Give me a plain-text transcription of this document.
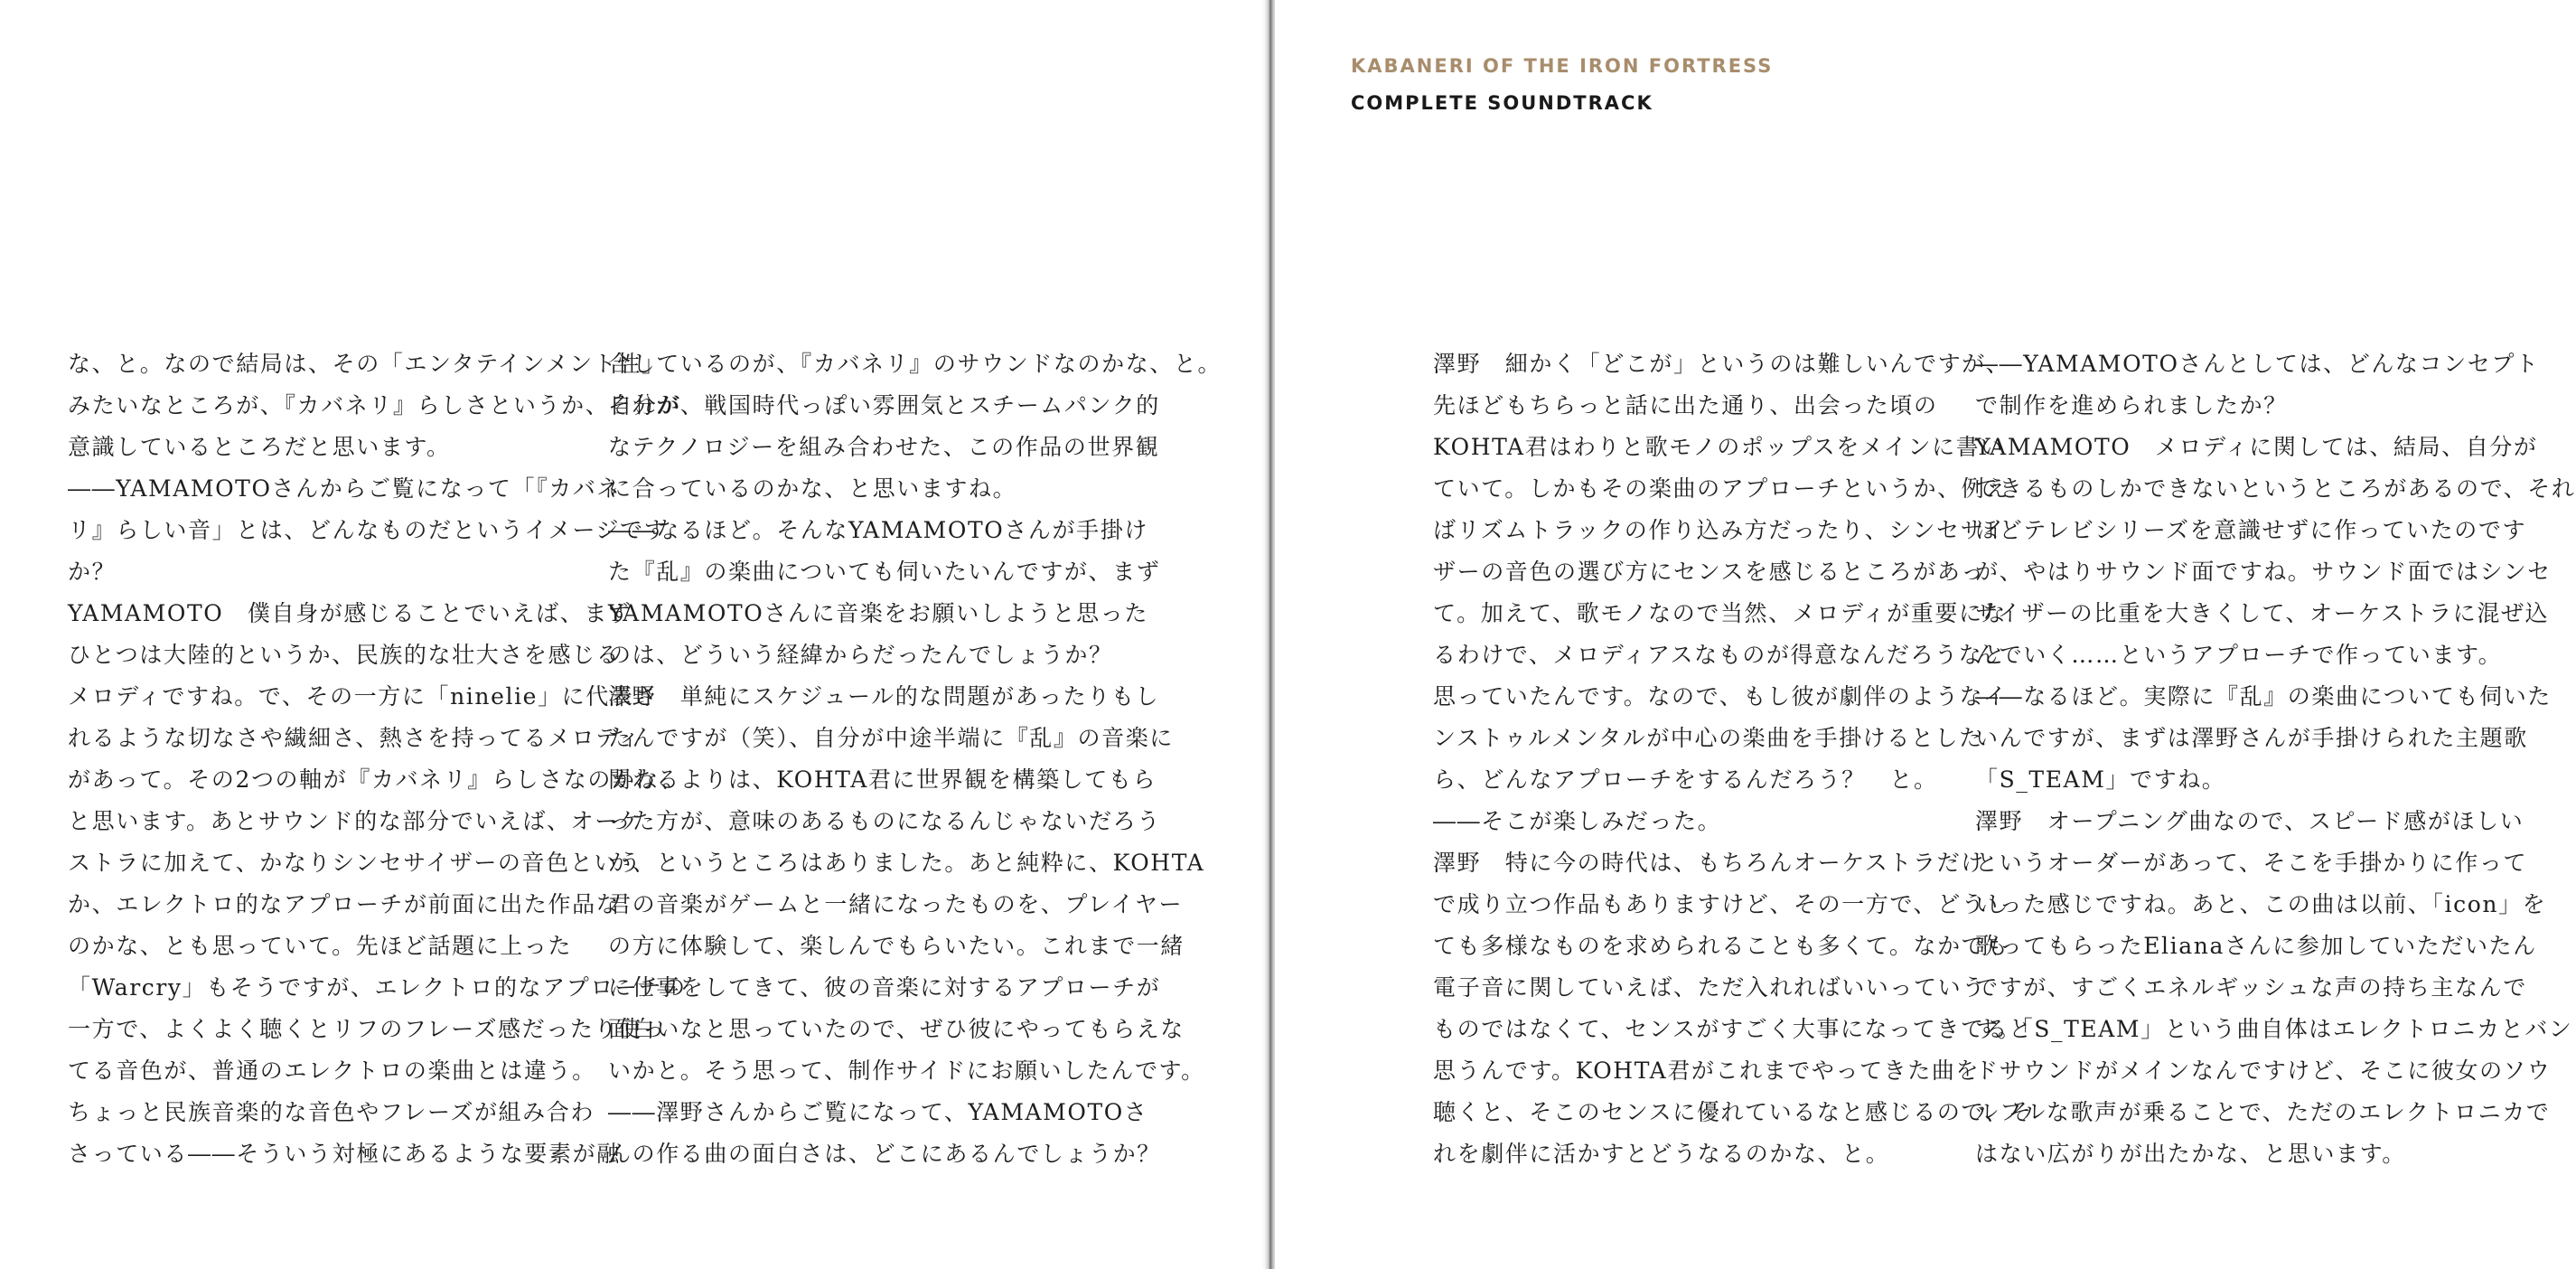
な、と。なので結局は、その「エンタテインメント性」
みたいなところが、『カバネリ』らしさというか、自分が
意識しているところだと思います。
――YAMAMOTOさんからご覧になって「『カバネ
リ』らしい音」とは、どんなものだというイメージです
か？
YAMAMOTO　僕自身が感じることでいえば、まず
ひとつは大陸的というか、民族的な壮大さを感じる
メロディですね。で、その一方に「ninelie」に代表さ
れるような切なさや繊細さ、熱さを持ってるメロディ
があって。その2つの軸が『カバネリ』らしさなのかな、
と思います。あとサウンド的な部分でいえば、オーケ
ストラに加えて、かなりシンセサイザーの音色という
か、エレクトロ的なアプローチが前面に出た作品な
のかな、とも思っていて。先ほど話題に上った
「Warcry」もそうですが、エレクトロ的なアプローチの
一方で、よくよく聴くとリフのフレーズ感だったり使っ
てる音色が、普通のエレクトロの楽曲とは違う。
ちょっと民族音楽的な音色やフレーズが組み合わ
さっている――そういう対極にあるような要素が融
合しているのが、『カバネリ』のサウンドなのかな、と。
それが、戦国時代っぽい雰囲気とスチームパンク的
なテクノロジーを組み合わせた、この作品の世界観
に合っているのかな、と思いますね。
――なるほど。そんなYAMAMOTOさんが手掛け
た『乱』の楽曲についても伺いたいんですが、まず
YAMAMOTOさんに音楽をお願いしようと思った
のは、どういう経緯からだったんでしょうか？
澤野　単純にスケジュール的な問題があったりもし
たんですが（笑）、自分が中途半端に『乱』の音楽に
関わるよりは、KOHTA君に世界観を構築してもら
った方が、意味のあるものになるんじゃないだろう
か、というところはありました。あと純粋に、KOHTA
君の音楽がゲームと一緒になったものを、プレイヤー
の方に体験して、楽しんでもらいたい。これまで一緒
に仕事をしてきて、彼の音楽に対するアプローチが
面白いなと思っていたので、ぜひ彼にやってもらえな
いかと。そう思って、制作サイドにお願いしたんです。
――澤野さんからご覧になって、YAMAMOTOさ
んの作る曲の面白さは、どこにあるんでしょうか？
KABANERI OF THE IRON FORTRESS
COMPLETE SOUNDTRACK
澤野　細かく「どこが」というのは難しいんですが、
先ほどもちらっと話に出た通り、出会った頃の
KOHTA君はわりと歌モノのポップスをメインに書い
ていて。しかもその楽曲のアプローチというか、例え
ばリズムトラックの作り込み方だったり、シンセサイ
ザーの音色の選び方にセンスを感じるところがあっ
て。加えて、歌モノなので当然、メロディが重要にな
るわけで、メロディアスなものが得意なんだろうなと
思っていたんです。なので、もし彼が劇伴のようなイ
ンストゥルメンタルが中心の楽曲を手掛けるとした
ら、どんなアプローチをするんだろう？　と。
――そこが楽しみだった。
澤野　特に今の時代は、もちろんオーケストラだけ
で成り立つ作品もありますけど、その一方で、どうし
ても多様なものを求められることも多くて。なかでも
電子音に関していえば、ただ入れればいいっていう
ものではなくて、センスがすごく大事になってきてると
思うんです。KOHTA君がこれまでやってきた曲を
聴くと、そこのセンスに優れているなと感じるので、そ
れを劇伴に活かすとどうなるのかな、と。
――YAMAMOTOさんとしては、どんなコンセプト
で制作を進められましたか？
YAMAMOTO　メロディに関しては、結局、自分が
できるものしかできないというところがあるので、それ
ほどテレビシリーズを意識せずに作っていたのです
が、やはりサウンド面ですね。サウンド面ではシンセ
サイザーの比重を大きくして、オーケストラに混ぜ込
んでいく……というアプローチで作っています。
――なるほど。実際に『乱』の楽曲についても伺いた
いんですが、まずは澤野さんが手掛けられた主題歌
「S_TEAM」ですね。
澤野　オープニング曲なので、スピード感がほしい
というオーダーがあって、そこを手掛かりに作って
いった感じですね。あと、この曲は以前、「icon」を
歌ってもらったElianaさんに参加していただいたん
ですが、すごくエネルギッシュな声の持ち主なんで
す。「S_TEAM」という曲自体はエレクトロニカとバン
ドサウンドがメインなんですけど、そこに彼女のソウ
ルフルな歌声が乗ることで、ただのエレクトロニカで
はない広がりが出たかな、と思います。
